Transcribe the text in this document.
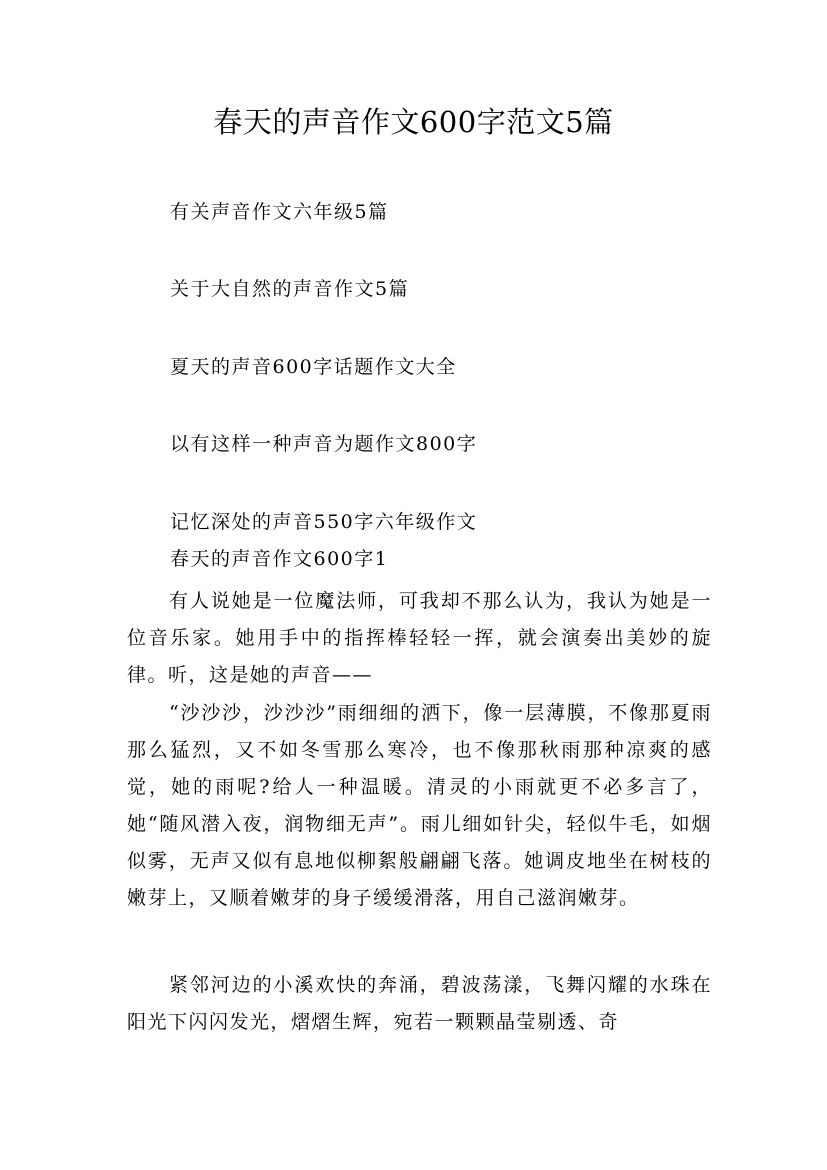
春天的声音作文600字范文5篇
有关声音作文六年级5篇
关于大自然的声音作文5篇
夏天的声音600字话题作文大全
以有这样一种声音为题作文800字
记忆深处的声音550字六年级作文
春天的声音作文600字1

有人说她是一位魔法师，可我却不那么认为，我认为她是一位音乐家。她用手中的指挥棒轻轻一挥，就会演奏出美妙的旋律。听，这是她的声音——

“沙沙沙，沙沙沙”雨细细的洒下，像一层薄膜，不像那夏雨那么猛烈，又不如冬雪那么寒冷，也不像那秋雨那种凉爽的感觉，她的雨呢?给人一种温暖。清灵的小雨就更不必多言了，她“随风潜入夜，润物细无声”。雨儿细如针尖，轻似牛毛，如烟似雾，无声又似有息地似柳絮般翩翩飞落。她调皮地坐在树枝的嫩芽上，又顺着嫩芽的身子缓缓滑落，用自己滋润嫩芽。

紧邻河边的小溪欢快的奔涌，碧波荡漾，飞舞闪耀的水珠在阳光下闪闪发光，熠熠生辉，宛若一颗颗晶莹剔透、奇
